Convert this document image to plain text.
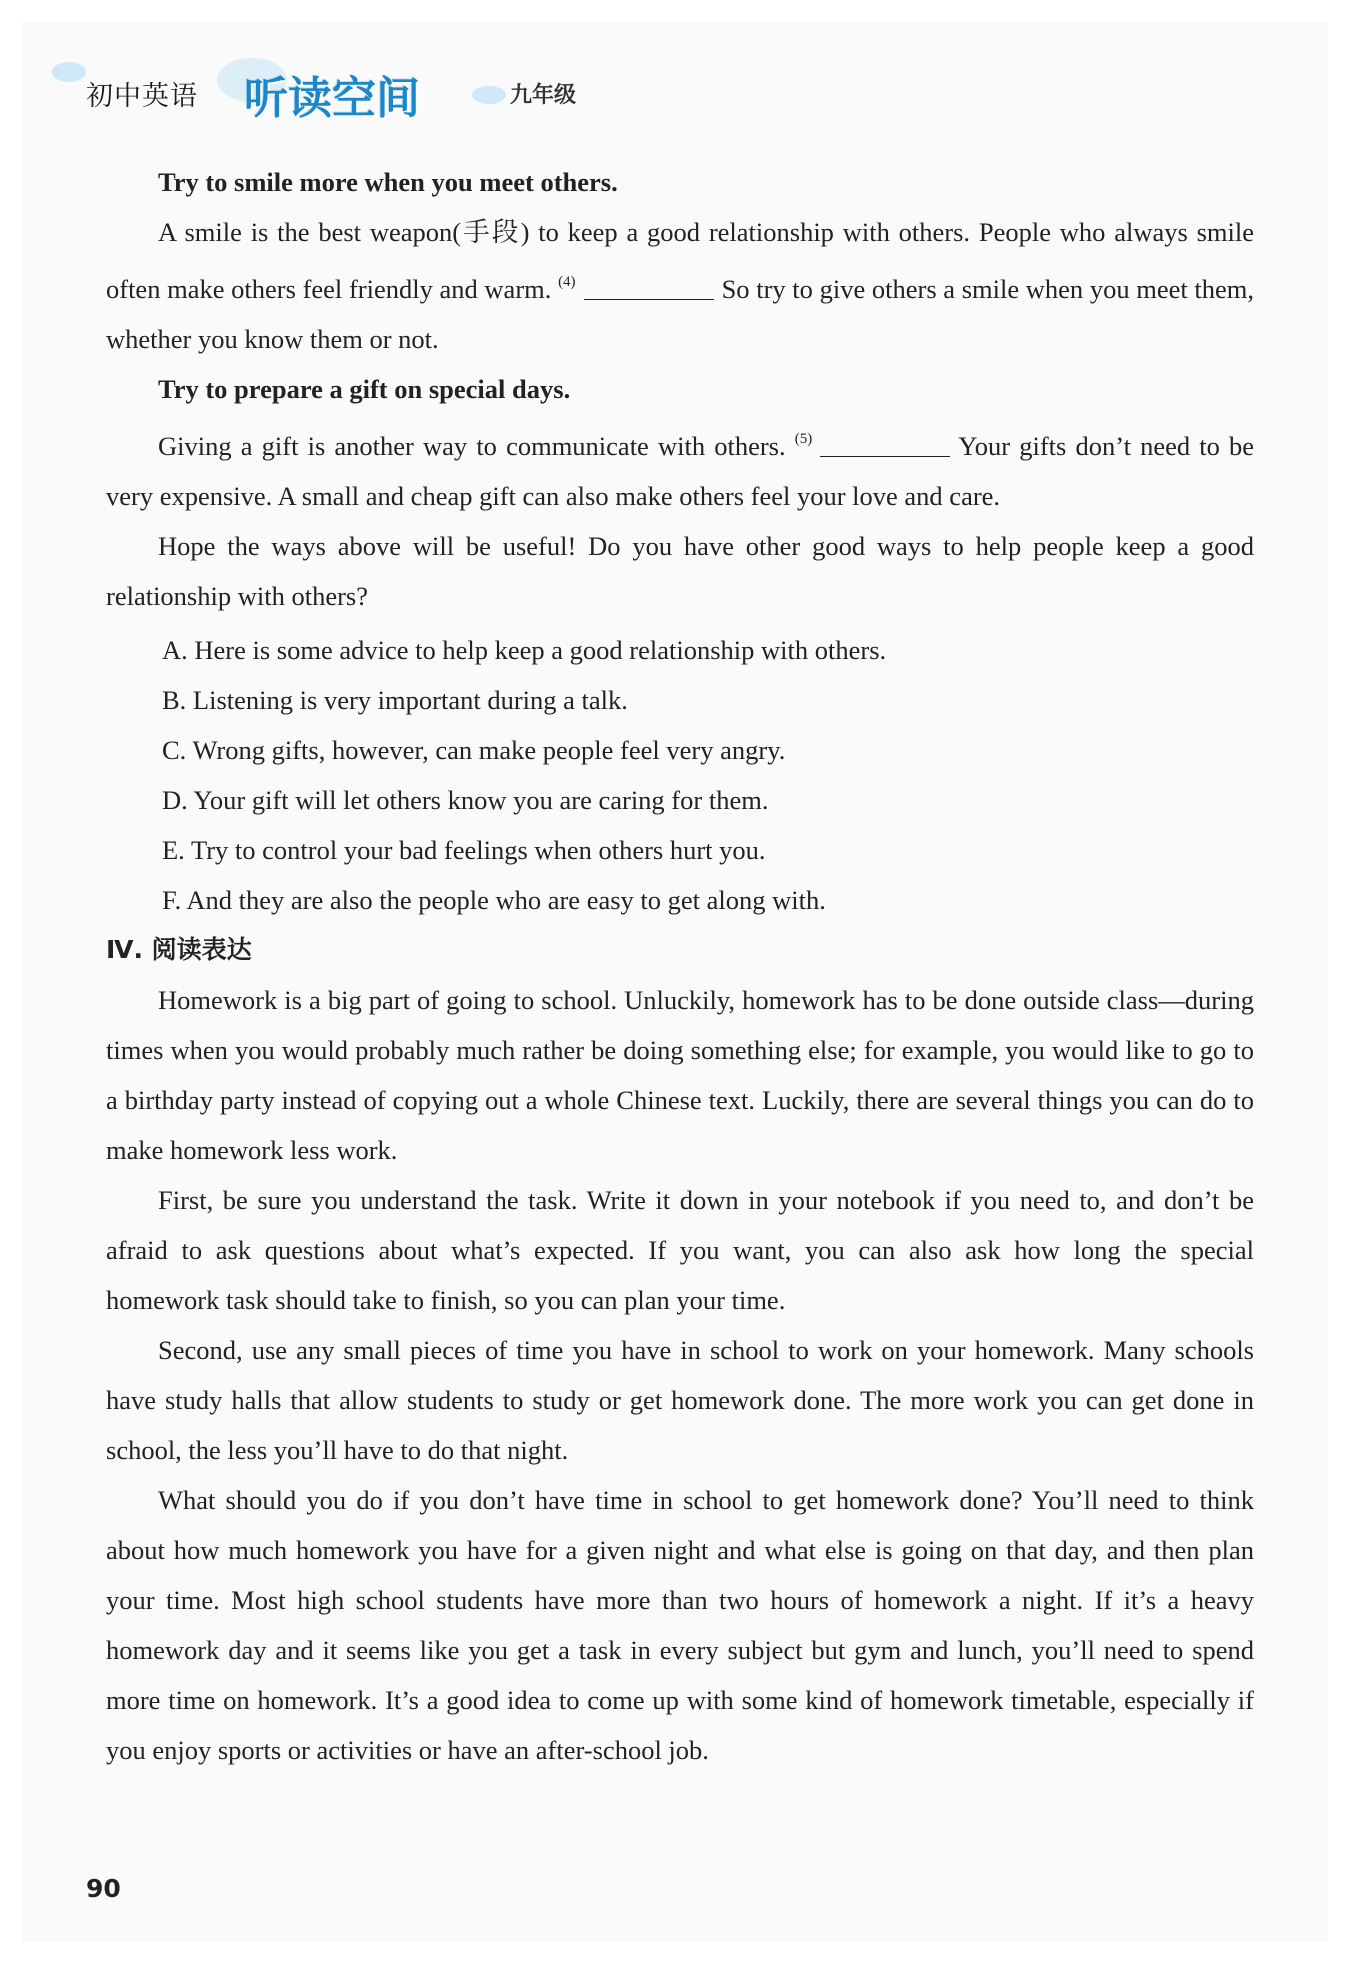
初中英语 听读空间	九年级

Try to smile more when you meet others.

A smile is the best weapon(手段) to keep a good relationship with others. People who always smile often make others feel friendly and warm. $^{(4)}$	So try to give others a smile when you meet them, whether you know them or not.

Try to prepare a gift on special days.

Giving a gift is another way to communicate with others. $^{(5)}$	Your gifts don’t need to be very expensive. A small and cheap gift can also make others feel your love and care.

Hope the ways above will be useful! Do you have other good ways to help people keep a good relationship with others?

A. Here is some advice to help keep a good relationship with others.

B. Listening is very important during a talk.

C. Wrong gifts, however, can make people feel very angry.

D. Your gift will let others know you are caring for them.

E. Try to control your bad feelings when others hurt you.

F. And they are also the people who are easy to get along with.

Ⅳ. 阅读表达

Homework is a big part of going to school. Unluckily, homework has to be done outside class—during times when you would probably much rather be doing something else; for example, you would like to go to a birthday party instead of copying out a whole Chinese text. Luckily, there are several things you can do to make homework less work.

First, be sure you understand the task. Write it down in your notebook if you need to, and don’t be afraid to ask questions about what’s expected. If you want, you can also ask how long the special homework task should take to finish, so you can plan your time.

Second, use any small pieces of time you have in school to work on your homework. Many schools have study halls that allow students to study or get homework done. The more work you can get done in school, the less you’ll have to do that night.

What should you do if you don’t have time in school to get homework done? You’ll need to think about how much homework you have for a given night and what else is going on that day, and then plan your time. Most high school students have more than two hours of homework a night. If it’s a heavy homework day and it seems like you get a task in every subject but gym and lunch, you’ll need to spend more time on homework. It’s a good idea to come up with some kind of homework timetable, especially if you enjoy sports or activities or have an after-school job.

90
